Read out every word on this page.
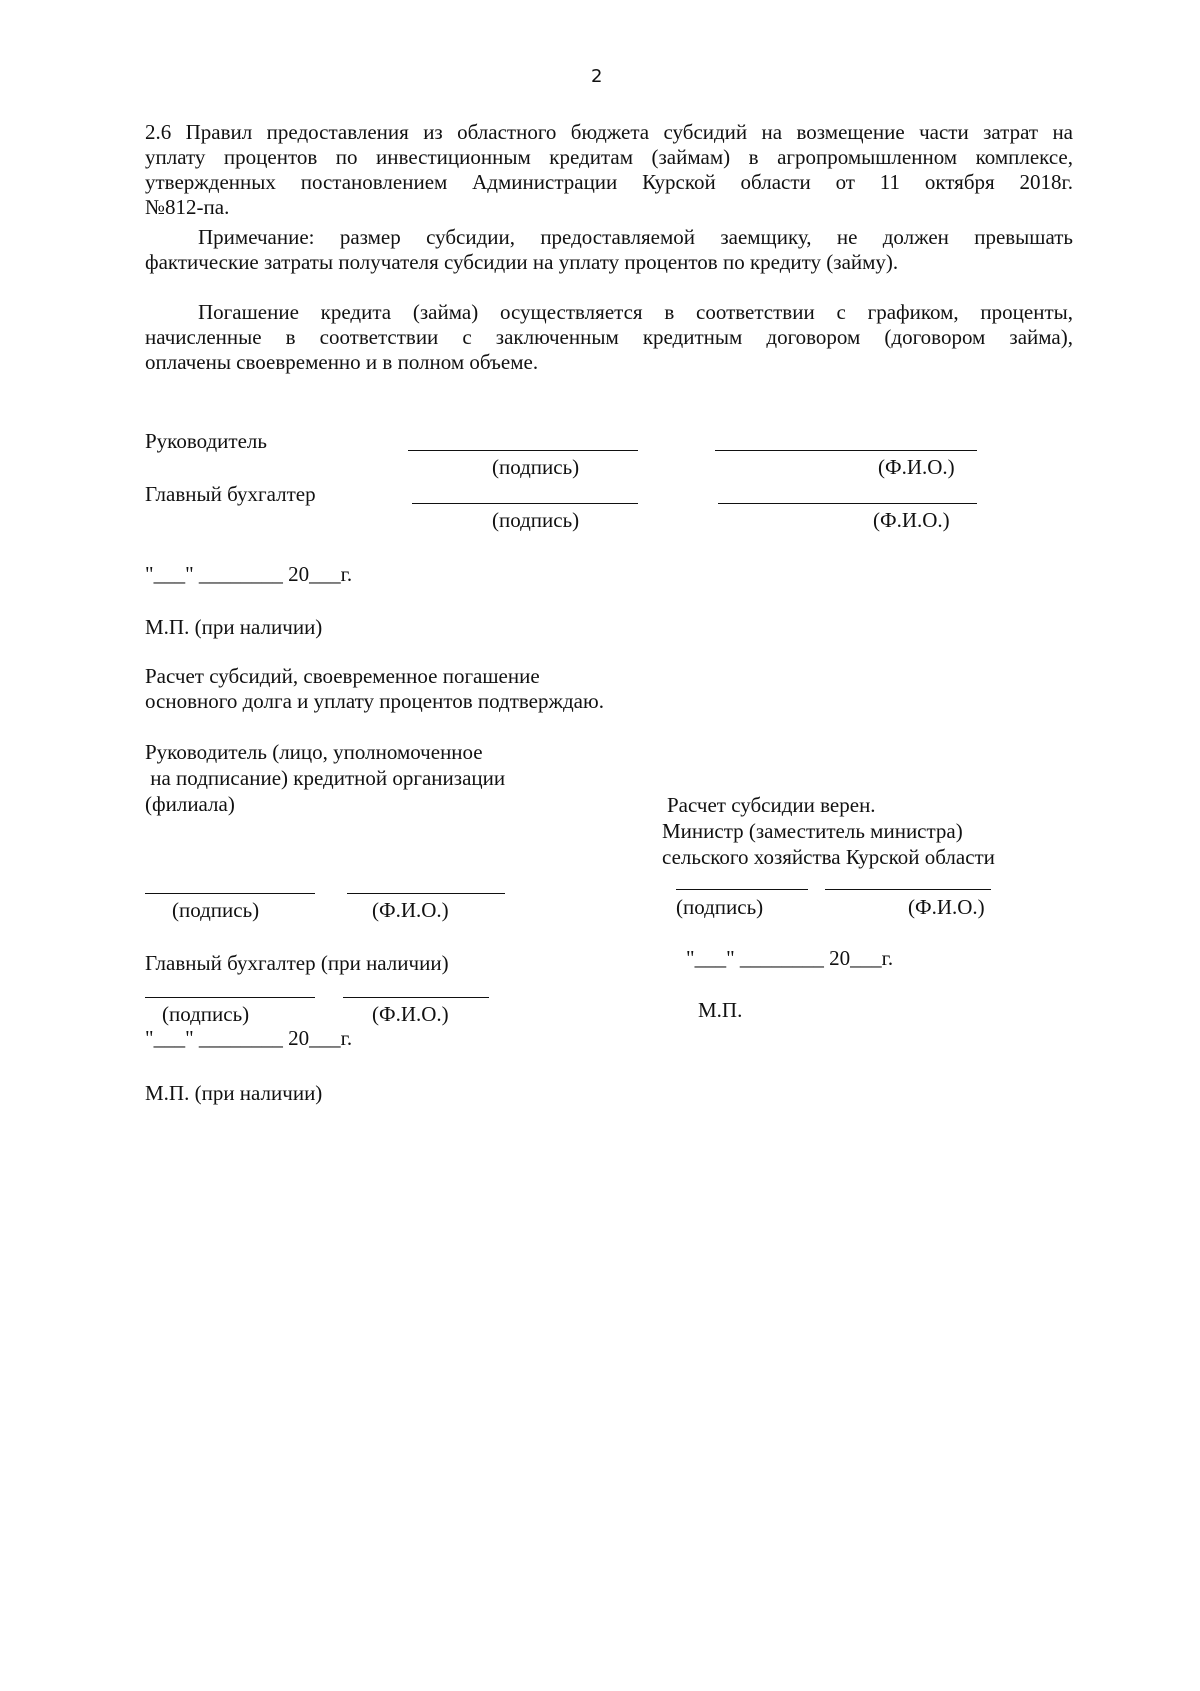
2
2.6 Правил предоставления из областного бюджета субсидий на возмещение части затрат на
уплату процентов по инвестиционным кредитам (займам) в агропромышленном комплексе,
утвержденных постановлением Администрации Курской области от 11 октября 2018г.
№812-па.
Примечание: размер субсидии, предоставляемой заемщику, не должен превышать
фактические затраты получателя субсидии на уплату процентов по кредиту (займу).
Погашение кредита (займа) осуществляется в соответствии с графиком, проценты,
начисленные в соответствии с заключенным кредитным договором (договором займа),
оплачены своевременно и в полном объеме.
Руководитель
(подпись)	(Ф.И.О.)
Главный бухгалтер
(подпись)	(Ф.И.О.)
"___" ________ 20___г.
М.П. (при наличии)
Расчет субсидий, своевременное погашение
основного долга и уплату процентов подтверждаю.
Руководитель (лицо, уполномоченное
на подписание) кредитной организации
(филиала)
(подпись)	(Ф.И.О.)
Главный бухгалтер (при наличии)
(подпись)	(Ф.И.О.)
"___" ________ 20___г.
М.П. (при наличии)
Расчет субсидии верен.
Министр (заместитель министра)
сельского хозяйства Курской области
(подпись)	(Ф.И.О.)
"___" ________ 20___г.
М.П.
